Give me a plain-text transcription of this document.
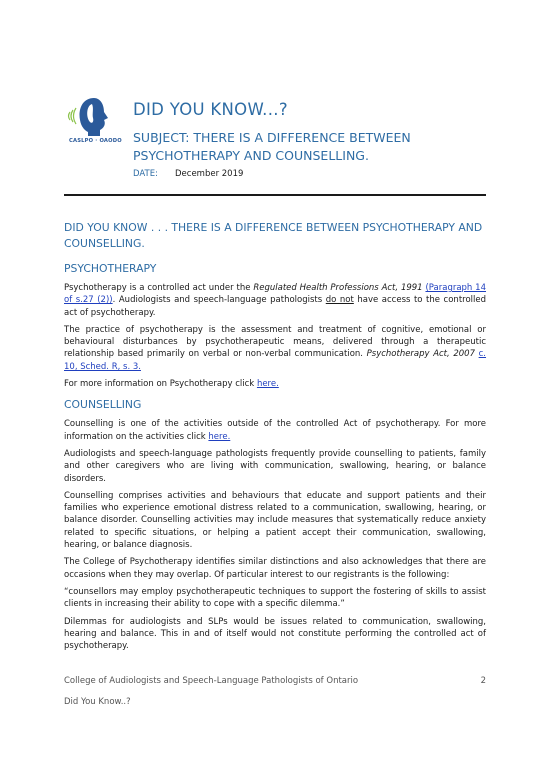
CASLPO · OAODO
DID YOU KNOW...?
SUBJECT: THERE IS A DIFFERENCE BETWEEN PSYCHOTHERAPY AND COUNSELLING.
DATE: December 2019
DID YOU KNOW . . . THERE IS A DIFFERENCE BETWEEN PSYCHOTHERAPY AND COUNSELLING.
PSYCHOTHERAPY

Psychotherapy is a controlled act under the Regulated Health Professions Act, 1991 (Paragraph 14 of s.27 (2)). Audiologists and speech-language pathologists do not have access to the controlled act of psychotherapy.

The practice of psychotherapy is the assessment and treatment of cognitive, emotional or behavioural disturbances by psychotherapeutic means, delivered through a therapeutic relationship based primarily on verbal or non-verbal communication. Psychotherapy Act, 2007 c. 10, Sched. R, s. 3.

For more information on Psychotherapy click here.

COUNSELLING

Counselling is one of the activities outside of the controlled Act of psychotherapy. For more information on the activities click here.

Audiologists and speech-language pathologists frequently provide counselling to patients, family and other caregivers who are living with communication, swallowing, hearing, or balance disorders.

Counselling comprises activities and behaviours that educate and support patients and their families who experience emotional distress related to a communication, swallowing, hearing, or balance disorder. Counselling activities may include measures that systematically reduce anxiety related to specific situations, or helping a patient accept their communication, swallowing, hearing, or balance diagnosis.

The College of Psychotherapy identifies similar distinctions and also acknowledges that there are occasions when they may overlap. Of particular interest to our registrants is the following:

“counsellors may employ psychotherapeutic techniques to support the fostering of skills to assist clients in increasing their ability to cope with a specific dilemma.”

Dilemmas for audiologists and SLPs would be issues related to communication, swallowing, hearing and balance. This in and of itself would not constitute performing the controlled act of psychotherapy.

College of Audiologists and Speech-Language Pathologists of Ontario	2
Did You Know..?
